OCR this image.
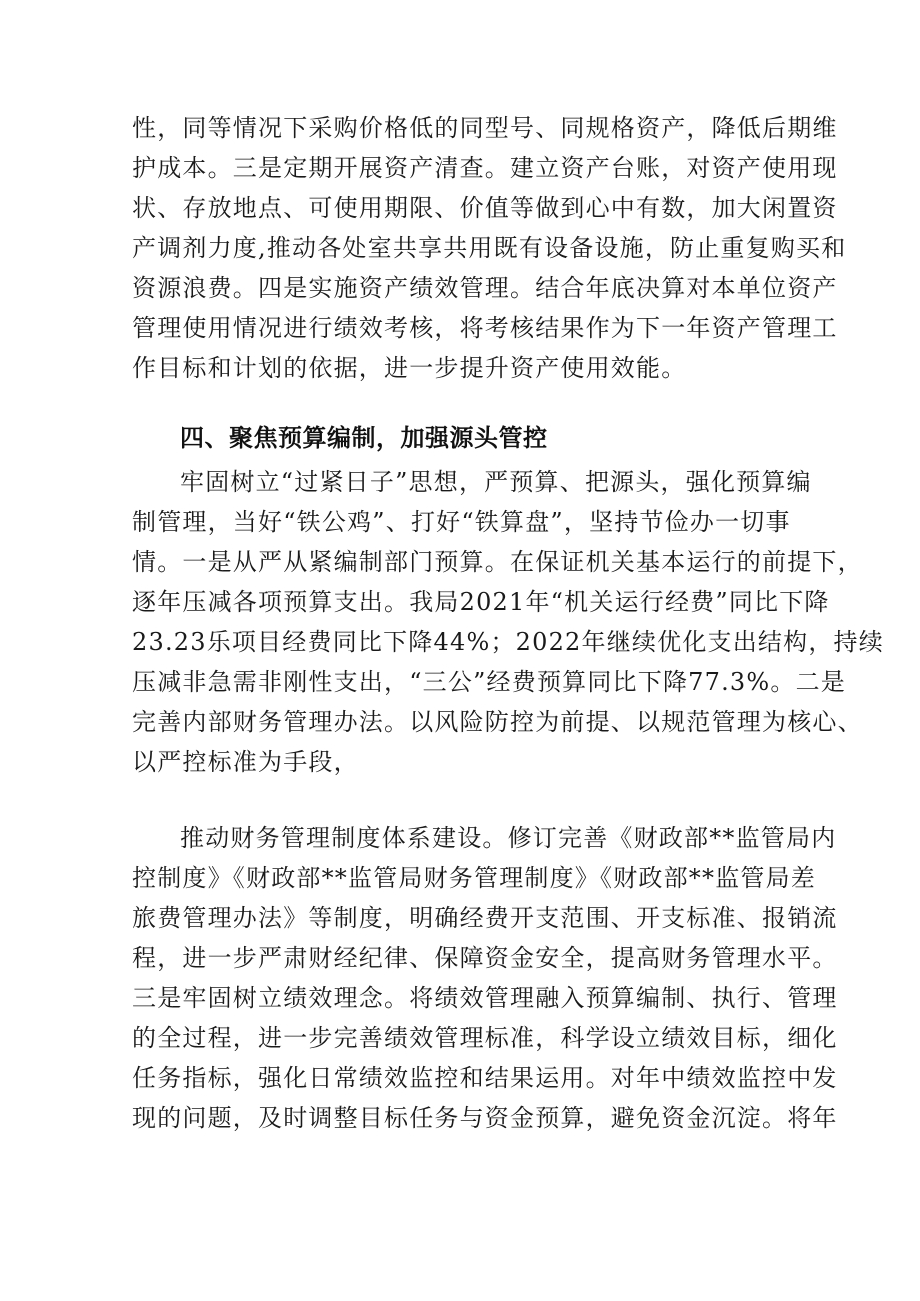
性，同等情况下采购价格低的同型号、同规格资产，降低后期维
护成本。三是定期开展资产清查。建立资产台账，对资产使用现
状、存放地点、可使用期限、价值等做到心中有数，加大闲置资
产调剂力度,推动各处室共享共用既有设备设施，防止重复购买和
资源浪费。四是实施资产绩效管理。结合年底决算对本单位资产
管理使用情况进行绩效考核，将考核结果作为下一年资产管理工
作目标和计划的依据，进一步提升资产使用效能。
四、聚焦预算编制，加强源头管控
牢固树立“过紧日子”思想，严预算、把源头，强化预算编
制管理，当好“铁公鸡”、打好“铁算盘”，坚持节俭办一切事
情。一是从严从紧编制部门预算。在保证机关基本运行的前提下，
逐年压减各项预算支出。我局2021年“机关运行经费”同比下降
23.23乐项目经费同比下降44%；2022年继续优化支出结构，持续
压减非急需非刚性支出，“三公”经费预算同比下降77.3%。二是
完善内部财务管理办法。以风险防控为前提、以规范管理为核心、
以严控标准为手段，
推动财务管理制度体系建设。修订完善《财政部**监管局内
控制度》《财政部**监管局财务管理制度》《财政部**监管局差
旅费管理办法》等制度，明确经费开支范围、开支标准、报销流
程，进一步严肃财经纪律、保障资金安全，提高财务管理水平。
三是牢固树立绩效理念。将绩效管理融入预算编制、执行、管理
的全过程，进一步完善绩效管理标准，科学设立绩效目标，细化
任务指标，强化日常绩效监控和结果运用。对年中绩效监控中发
现的问题，及时调整目标任务与资金预算，避免资金沉淀。将年
